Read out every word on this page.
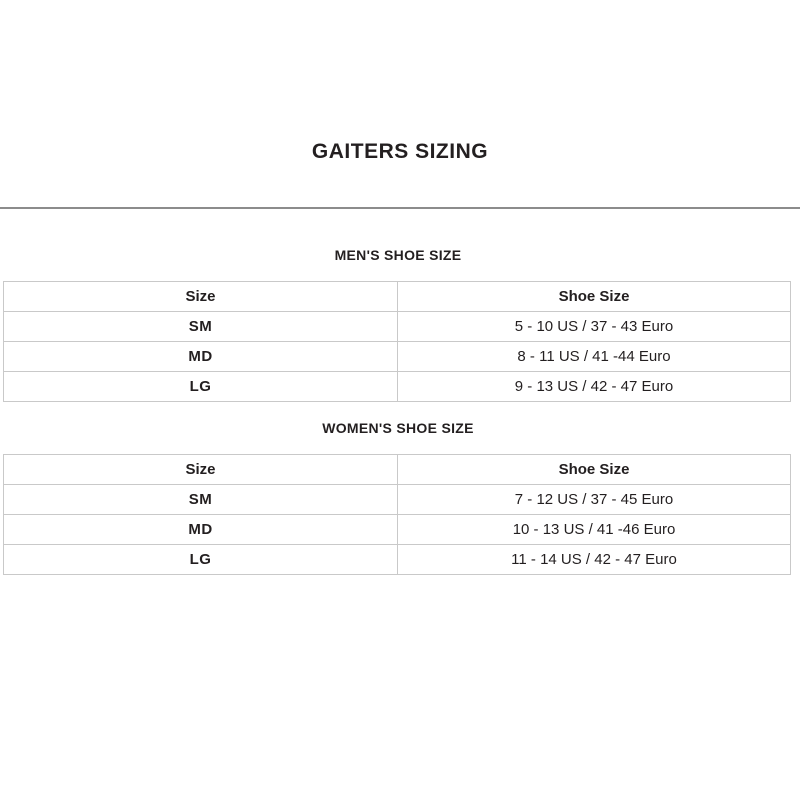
GAITERS SIZING
MEN'S SHOE SIZE
Size	Shoe Size
SM	5 - 10 US / 37 - 43 Euro
MD	8 - 11 US / 41 -44 Euro
LG	9 - 13 US / 42 - 47 Euro
WOMEN'S SHOE SIZE
Size	Shoe Size
SM	7 - 12 US / 37 - 45 Euro
MD	10 - 13 US / 41 -46 Euro
LG	11 - 14 US / 42 - 47 Euro
